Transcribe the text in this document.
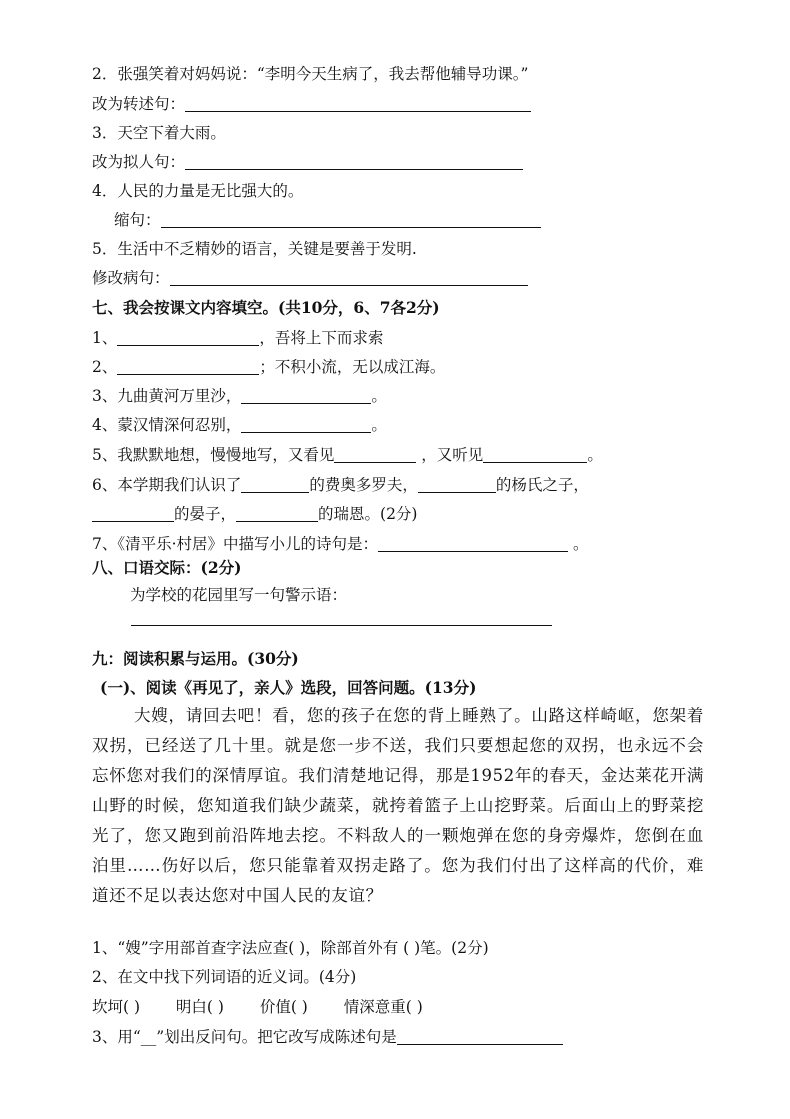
2．张强笑着对妈妈说：“李明今天生病了，我去帮他辅导功课。”
改为转述句：
3．天空下着大雨。
改为拟人句：
4．人民的力量是无比强大的。
缩句：
5．生活中不乏精妙的语言，关键是要善于发明.
修改病句：
七、我会按课文内容填空。(共10分，6、7各2分)
1、	，吾将上下而求索
2、	；不积小流，无以成江海。
3、九曲黄河万里沙，	。
4、蒙汉情深何忍别，	。
5、我默默地想，慢慢地写，又看见	，又听见	。
6、本学期我们认识了	的费奥多罗夫，	的杨氏之子，
的晏子，	的瑞恩。(2分)
7、《清平乐·村居》中描写小儿的诗句是：	。
八、口语交际：(2分)
为学校的花园里写一句警示语：
九：阅读积累与运用。(30分)
(一)、阅读《再见了，亲人》选段，回答问题。(13分)
大嫂，请回去吧！看，您的孩子在您的背上睡熟了。山路这样崎岖，您架着双拐，已经送了几十里。就是您一步不送，我们只要想起您的双拐，也永远不会忘怀您对我们的深情厚谊。我们清楚地记得，那是1952年的春天，金达莱花开满山野的时候，您知道我们缺少蔬菜，就挎着篮子上山挖野菜。后面山上的野菜挖光了，您又跑到前沿阵地去挖。不料敌人的一颗炮弹在您的身旁爆炸，您倒在血泊里……伤好以后，您只能靠着双拐走路了。您为我们付出了这样高的代价，难道还不足以表达您对中国人民的友谊？
1、“嫂”字用部首查字法应查( )，除部首外有 ( )笔。(2分)
2、在文中找下列词语的近义词。(4分)
坎坷( ) 明白( ) 价值( ) 情深意重( )
3、用“__”划出反问句。把它改写成陈述句是
